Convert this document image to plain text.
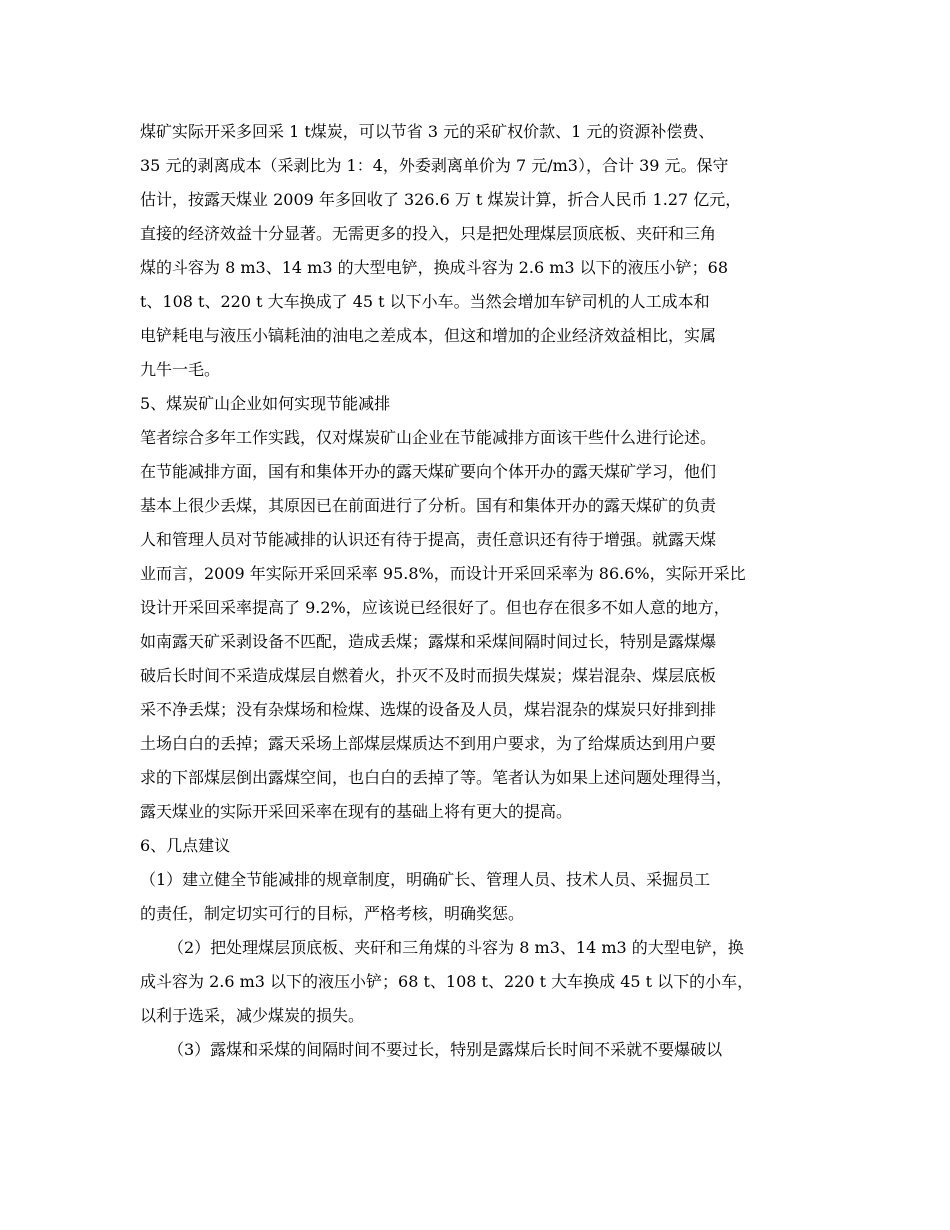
煤矿实际开采多回采 1 t煤炭，可以节省 3 元的采矿权价款、1 元的资源补偿费、
35 元的剥离成本（采剥比为 1：4，外委剥离单价为 7 元/m3），合计 39 元。保守
估计，按露天煤业 2009 年多回收了 326.6 万 t 煤炭计算，折合人民币 1.27 亿元，
直接的经济效益十分显著。无需更多的投入，只是把处理煤层顶底板、夹矸和三角
煤的斗容为 8 m3、14 m3 的大型电铲，换成斗容为 2.6 m3 以下的液压小铲；68
t、108 t、220 t 大车换成了 45 t 以下小车。当然会增加车铲司机的人工成本和
电铲耗电与液压小镐耗油的油电之差成本，但这和增加的企业经济效益相比，实属
九牛一毛。
5、煤炭矿山企业如何实现节能减排
笔者综合多年工作实践，仅对煤炭矿山企业在节能减排方面该干些什么进行论述。
在节能减排方面，国有和集体开办的露天煤矿要向个体开办的露天煤矿学习，他们
基本上很少丢煤，其原因已在前面进行了分析。国有和集体开办的露天煤矿的负责
人和管理人员对节能减排的认识还有待于提高，责任意识还有待于增强。就露天煤
业而言，2009 年实际开采回采率 95.8%，而设计开采回采率为 86.6%，实际开采比
设计开采回采率提高了 9.2%，应该说已经很好了。但也存在很多不如人意的地方，
如南露天矿采剥设备不匹配，造成丢煤；露煤和采煤间隔时间过长，特别是露煤爆
破后长时间不采造成煤层自燃着火，扑灭不及时而损失煤炭；煤岩混杂、煤层底板
采不净丢煤；没有杂煤场和检煤、选煤的设备及人员，煤岩混杂的煤炭只好排到排
土场白白的丢掉；露天采场上部煤层煤质达不到用户要求，为了给煤质达到用户要
求的下部煤层倒出露煤空间，也白白的丢掉了等。笔者认为如果上述问题处理得当，
露天煤业的实际开采回采率在现有的基础上将有更大的提高。
6、几点建议
（1）建立健全节能减排的规章制度，明确矿长、管理人员、技术人员、采掘员工
的责任，制定切实可行的目标，严格考核，明确奖惩。
（2）把处理煤层顶底板、夹矸和三角煤的斗容为 8 m3、14 m3 的大型电铲，换
成斗容为 2.6 m3 以下的液压小铲；68 t、108 t、220 t 大车换成 45 t 以下的小车，
以利于选采，减少煤炭的损失。
（3）露煤和采煤的间隔时间不要过长，特别是露煤后长时间不采就不要爆破以
